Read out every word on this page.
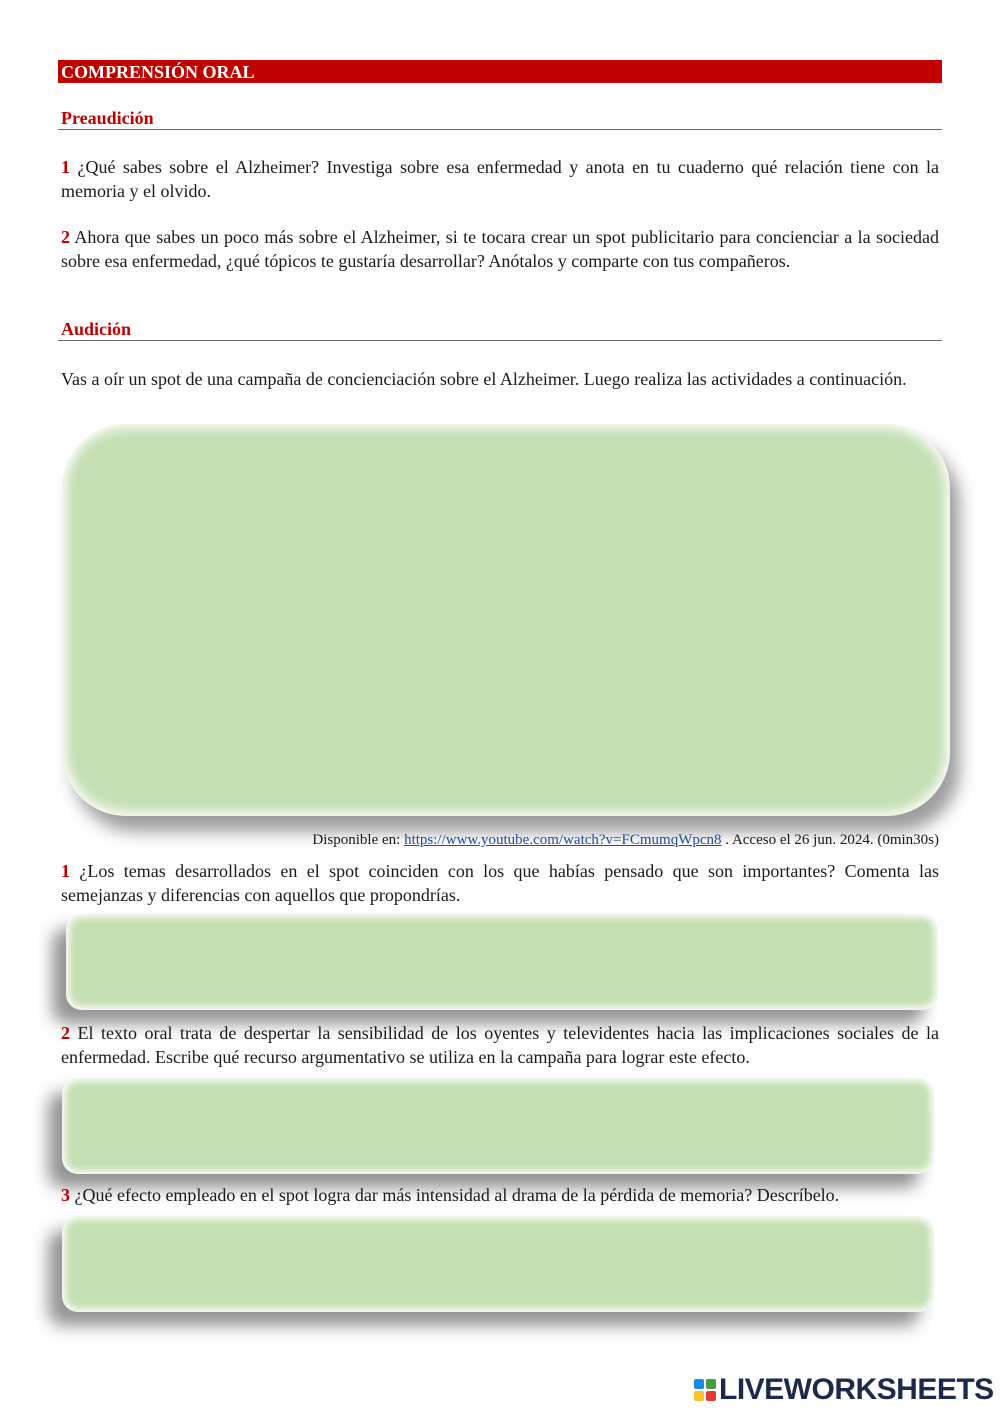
COMPRENSIÓN ORAL
Preaudición
1 ¿Qué sabes sobre el Alzheimer? Investiga sobre esa enfermedad y anota en tu cuaderno qué relación tiene con la memoria y el olvido.
2 Ahora que sabes un poco más sobre el Alzheimer, si te tocara crear un spot publicitario para concienciar a la sociedad sobre esa enfermedad, ¿qué tópicos te gustaría desarrollar? Anótalos y comparte con tus compañeros.
Audición
Vas a oír un spot de una campaña de concienciación sobre el Alzheimer. Luego realiza las actividades a continuación.
Disponible en: https://www.youtube.com/watch?v=FCmumqWpcn8 . Acceso el 26 jun. 2024. (0min30s)
1 ¿Los temas desarrollados en el spot coinciden con los que habías pensado que son importantes? Comenta las semejanzas y diferencias con aquellos que propondrías.
2 El texto oral trata de despertar la sensibilidad de los oyentes y televidentes hacia las implicaciones sociales de la enfermedad. Escribe qué recurso argumentativo se utiliza en la campaña para lograr este efecto.
3 ¿Qué efecto empleado en el spot logra dar más intensidad al drama de la pérdida de memoria? Descríbelo.
LIVEWORKSHEETS
